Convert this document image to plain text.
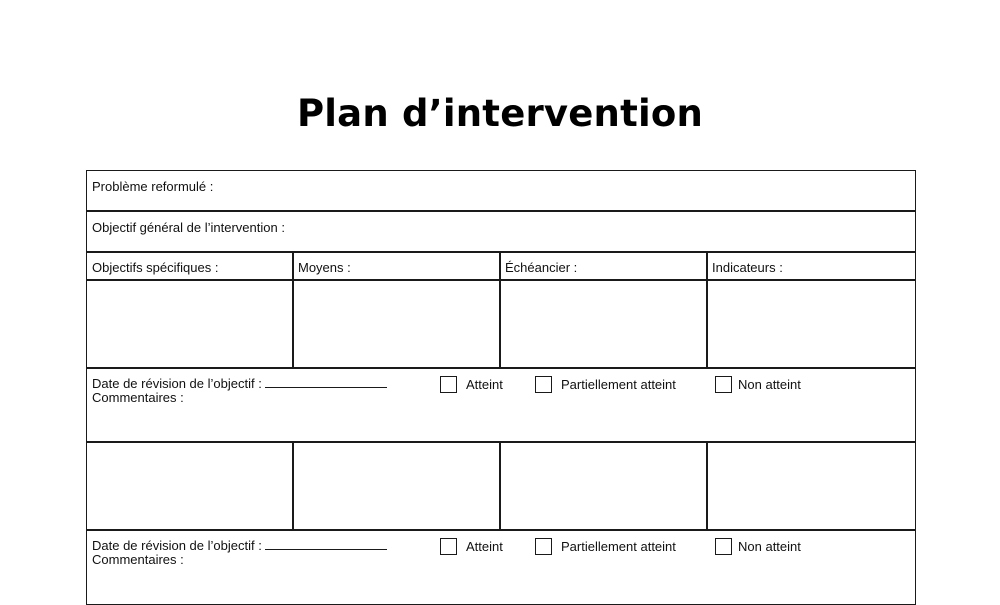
Plan d’intervention
Problème reformulé :
Objectif général de l’intervention :
Objectifs spécifiques :	Moyens :	Échéancier :	Indicateurs :
Date de révision de l’objectif :
Commentaires :
Atteint	Partiellement atteint	Non atteint
Date de révision de l’objectif :
Commentaires :
Atteint	Partiellement atteint	Non atteint
